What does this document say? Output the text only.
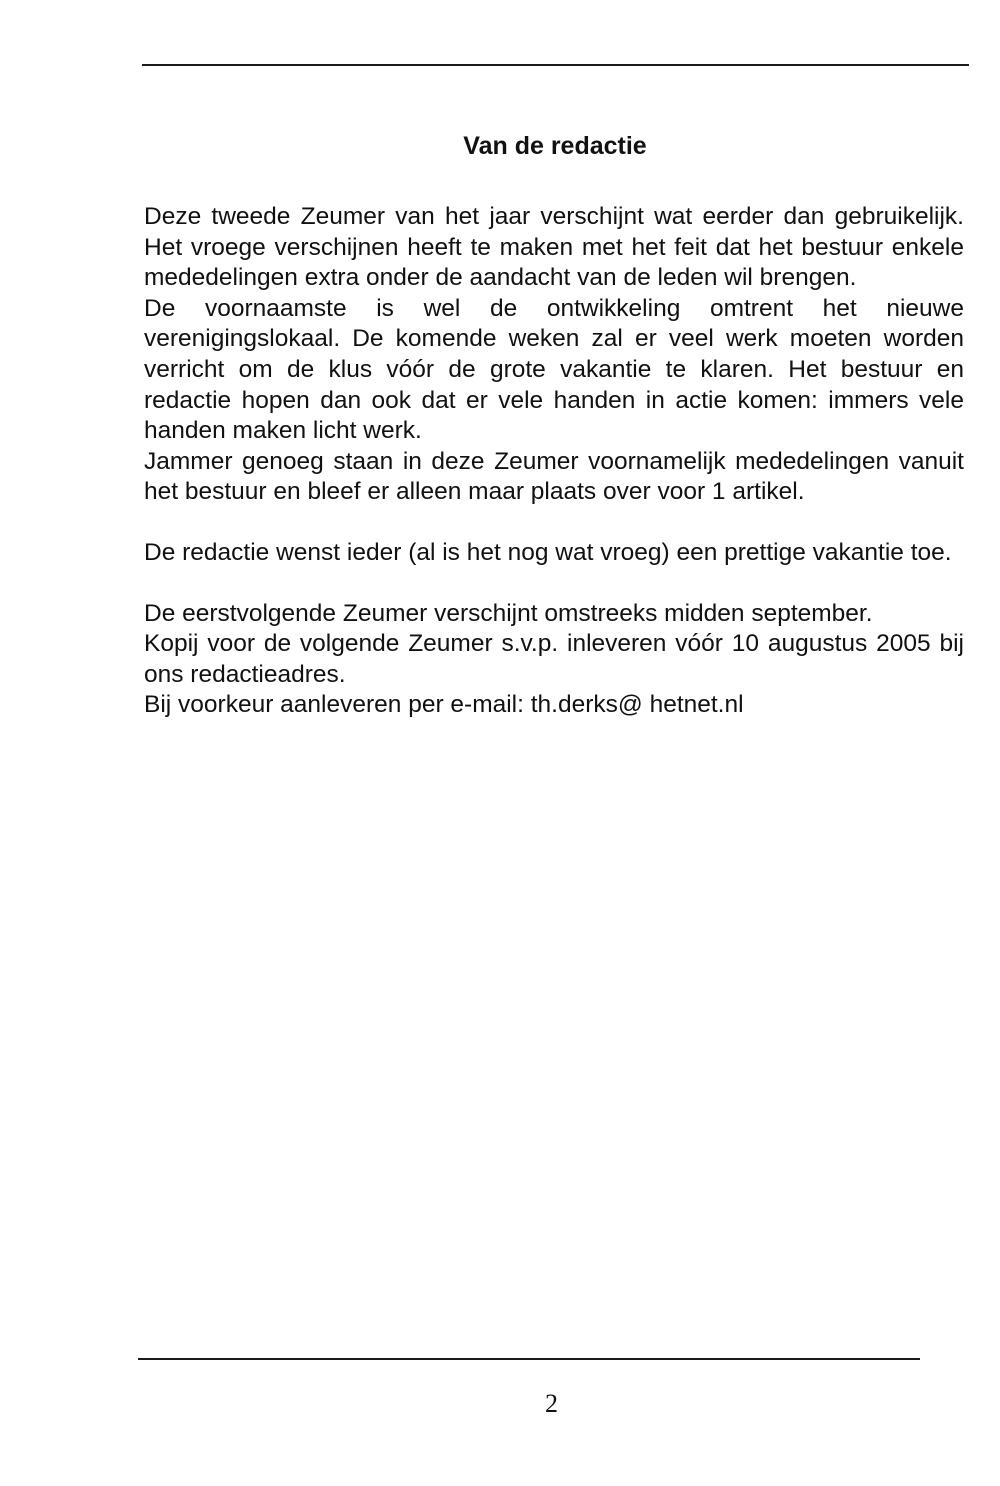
Van de redactie

Deze tweede Zeumer van het jaar verschijnt wat eerder dan gebruikelijk. Het vroege verschijnen heeft te maken met het feit dat het bestuur enkele mededelingen extra onder de aandacht van de leden wil brengen.

De voornaamste is wel de ontwikkeling omtrent het nieuwe verenigingslokaal. De komende weken zal er veel werk moeten worden verricht om de klus vóór de grote vakantie te klaren. Het bestuur en redactie hopen dan ook dat er vele handen in actie komen: immers vele handen maken licht werk.

Jammer genoeg staan in deze Zeumer voornamelijk mededelingen vanuit het bestuur en bleef er alleen maar plaats over voor 1 artikel.

De redactie wenst ieder (al is het nog wat vroeg) een prettige vakantie toe.

De eerstvolgende Zeumer verschijnt omstreeks midden september.

Kopij voor de volgende Zeumer s.v.p. inleveren vóór 10 augustus 2005 bij ons redactieadres.

Bij voorkeur aanleveren per e-mail: th.derks@ hetnet.nl

2
